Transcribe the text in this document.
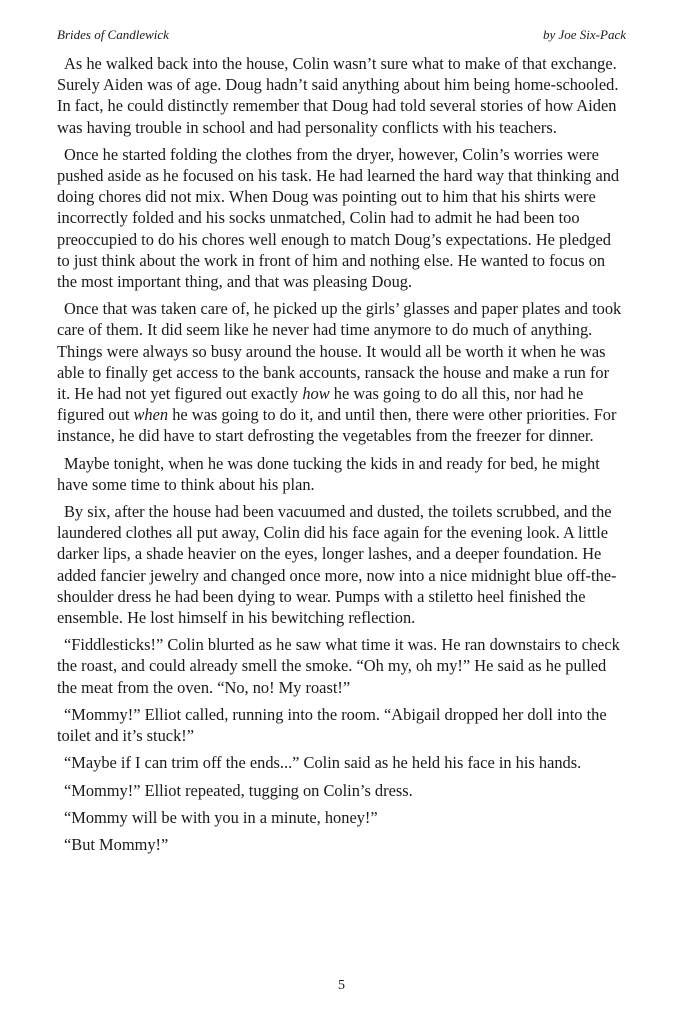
Brides of Candlewick	by Joe Six-Pack

As he walked back into the house, Colin wasn’t sure what to make of that exchange. Surely Aiden was of age. Doug hadn’t said anything about him being home-schooled. In fact, he could distinctly remember that Doug had told several stories of how Aiden was having trouble in school and had personality conflicts with his teachers.

Once he started folding the clothes from the dryer, however, Colin’s worries were pushed aside as he focused on his task. He had learned the hard way that thinking and doing chores did not mix. When Doug was pointing out to him that his shirts were incorrectly folded and his socks unmatched, Colin had to admit he had been too preoccupied to do his chores well enough to match Doug’s expectations. He pledged to just think about the work in front of him and nothing else. He wanted to focus on the most important thing, and that was pleasing Doug.

Once that was taken care of, he picked up the girls’ glasses and paper plates and took care of them. It did seem like he never had time anymore to do much of anything. Things were always so busy around the house. It would all be worth it when he was able to finally get access to the bank accounts, ransack the house and make a run for it. He had not yet figured out exactly how he was going to do all this, nor had he figured out when he was going to do it, and until then, there were other priorities. For instance, he did have to start defrosting the vegetables from the freezer for dinner.

Maybe tonight, when he was done tucking the kids in and ready for bed, he might have some time to think about his plan.

By six, after the house had been vacuumed and dusted, the toilets scrubbed, and the laundered clothes all put away, Colin did his face again for the evening look. A little darker lips, a shade heavier on the eyes, longer lashes, and a deeper foundation. He added fancier jewelry and changed once more, now into a nice midnight blue off-the-shoulder dress he had been dying to wear. Pumps with a stiletto heel finished the ensemble. He lost himself in his bewitching reflection.

“Fiddlesticks!” Colin blurted as he saw what time it was. He ran downstairs to check the roast, and could already smell the smoke. “Oh my, oh my!” He said as he pulled the meat from the oven. “No, no! My roast!”

“Mommy!” Elliot called, running into the room. “Abigail dropped her doll into the toilet and it’s stuck!”

“Maybe if I can trim off the ends...” Colin said as he held his face in his hands.

“Mommy!” Elliot repeated, tugging on Colin’s dress.

“Mommy will be with you in a minute, honey!”

“But Mommy!”

5
